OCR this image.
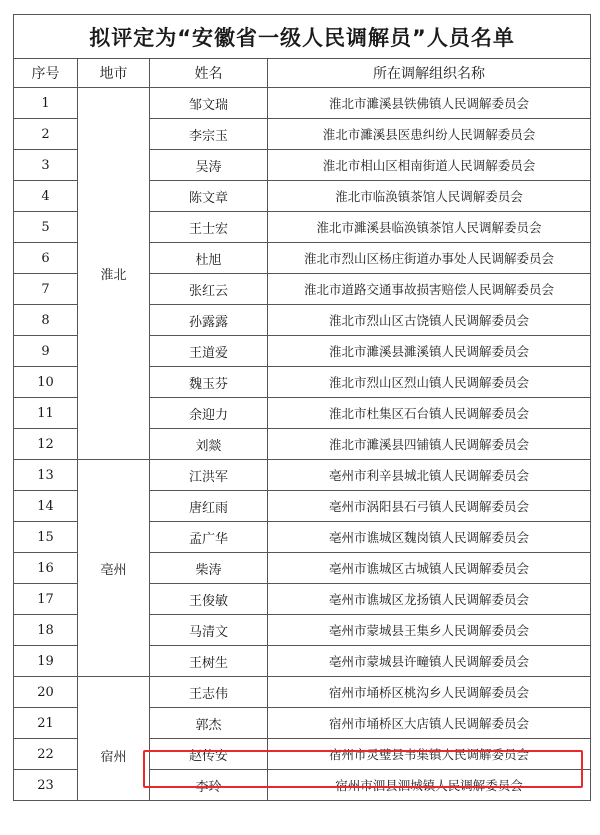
拟评定为“安徽省一级人民调解员”人员名单			
序号	地市	姓名	所在调解组织名称
1	淮北	邹文瑞	淮北市濉溪县铁佛镇人民调解委员会
2		李宗玉	淮北市濉溪县医患纠纷人民调解委员会
3		吴涛	淮北市相山区相南街道人民调解委员会
4		陈文章	淮北市临涣镇茶馆人民调解委员会
5		王士宏	淮北市濉溪县临涣镇茶馆人民调解委员会
6		杜旭	淮北市烈山区杨庄街道办事处人民调解委员会
7		张红云	淮北市道路交通事故损害赔偿人民调解委员会
8		孙露露	淮北市烈山区古饶镇人民调解委员会
9		王道爱	淮北市濉溪县濉溪镇人民调解委员会
10		魏玉芬	淮北市烈山区烈山镇人民调解委员会
11		余迎力	淮北市杜集区石台镇人民调解委员会
12		刘燚	淮北市濉溪县四铺镇人民调解委员会
13	亳州	江洪军	亳州市利辛县城北镇人民调解委员会
14		唐红雨	亳州市涡阳县石弓镇人民调解委员会
15		孟广华	亳州市谯城区魏岗镇人民调解委员会
16		柴涛	亳州市谯城区古城镇人民调解委员会
17		王俊敏	亳州市谯城区龙扬镇人民调解委员会
18		马清文	亳州市蒙城县王集乡人民调解委员会
19		王树生	亳州市蒙城县许疃镇人民调解委员会
20	宿州	王志伟	宿州市埇桥区桃沟乡人民调解委员会
21		郭杰	宿州市埇桥区大店镇人民调解委员会
22		赵传安	宿州市灵璧县韦集镇人民调解委员会
23		李玲	宿州市泗县泗城镇人民调解委员会
